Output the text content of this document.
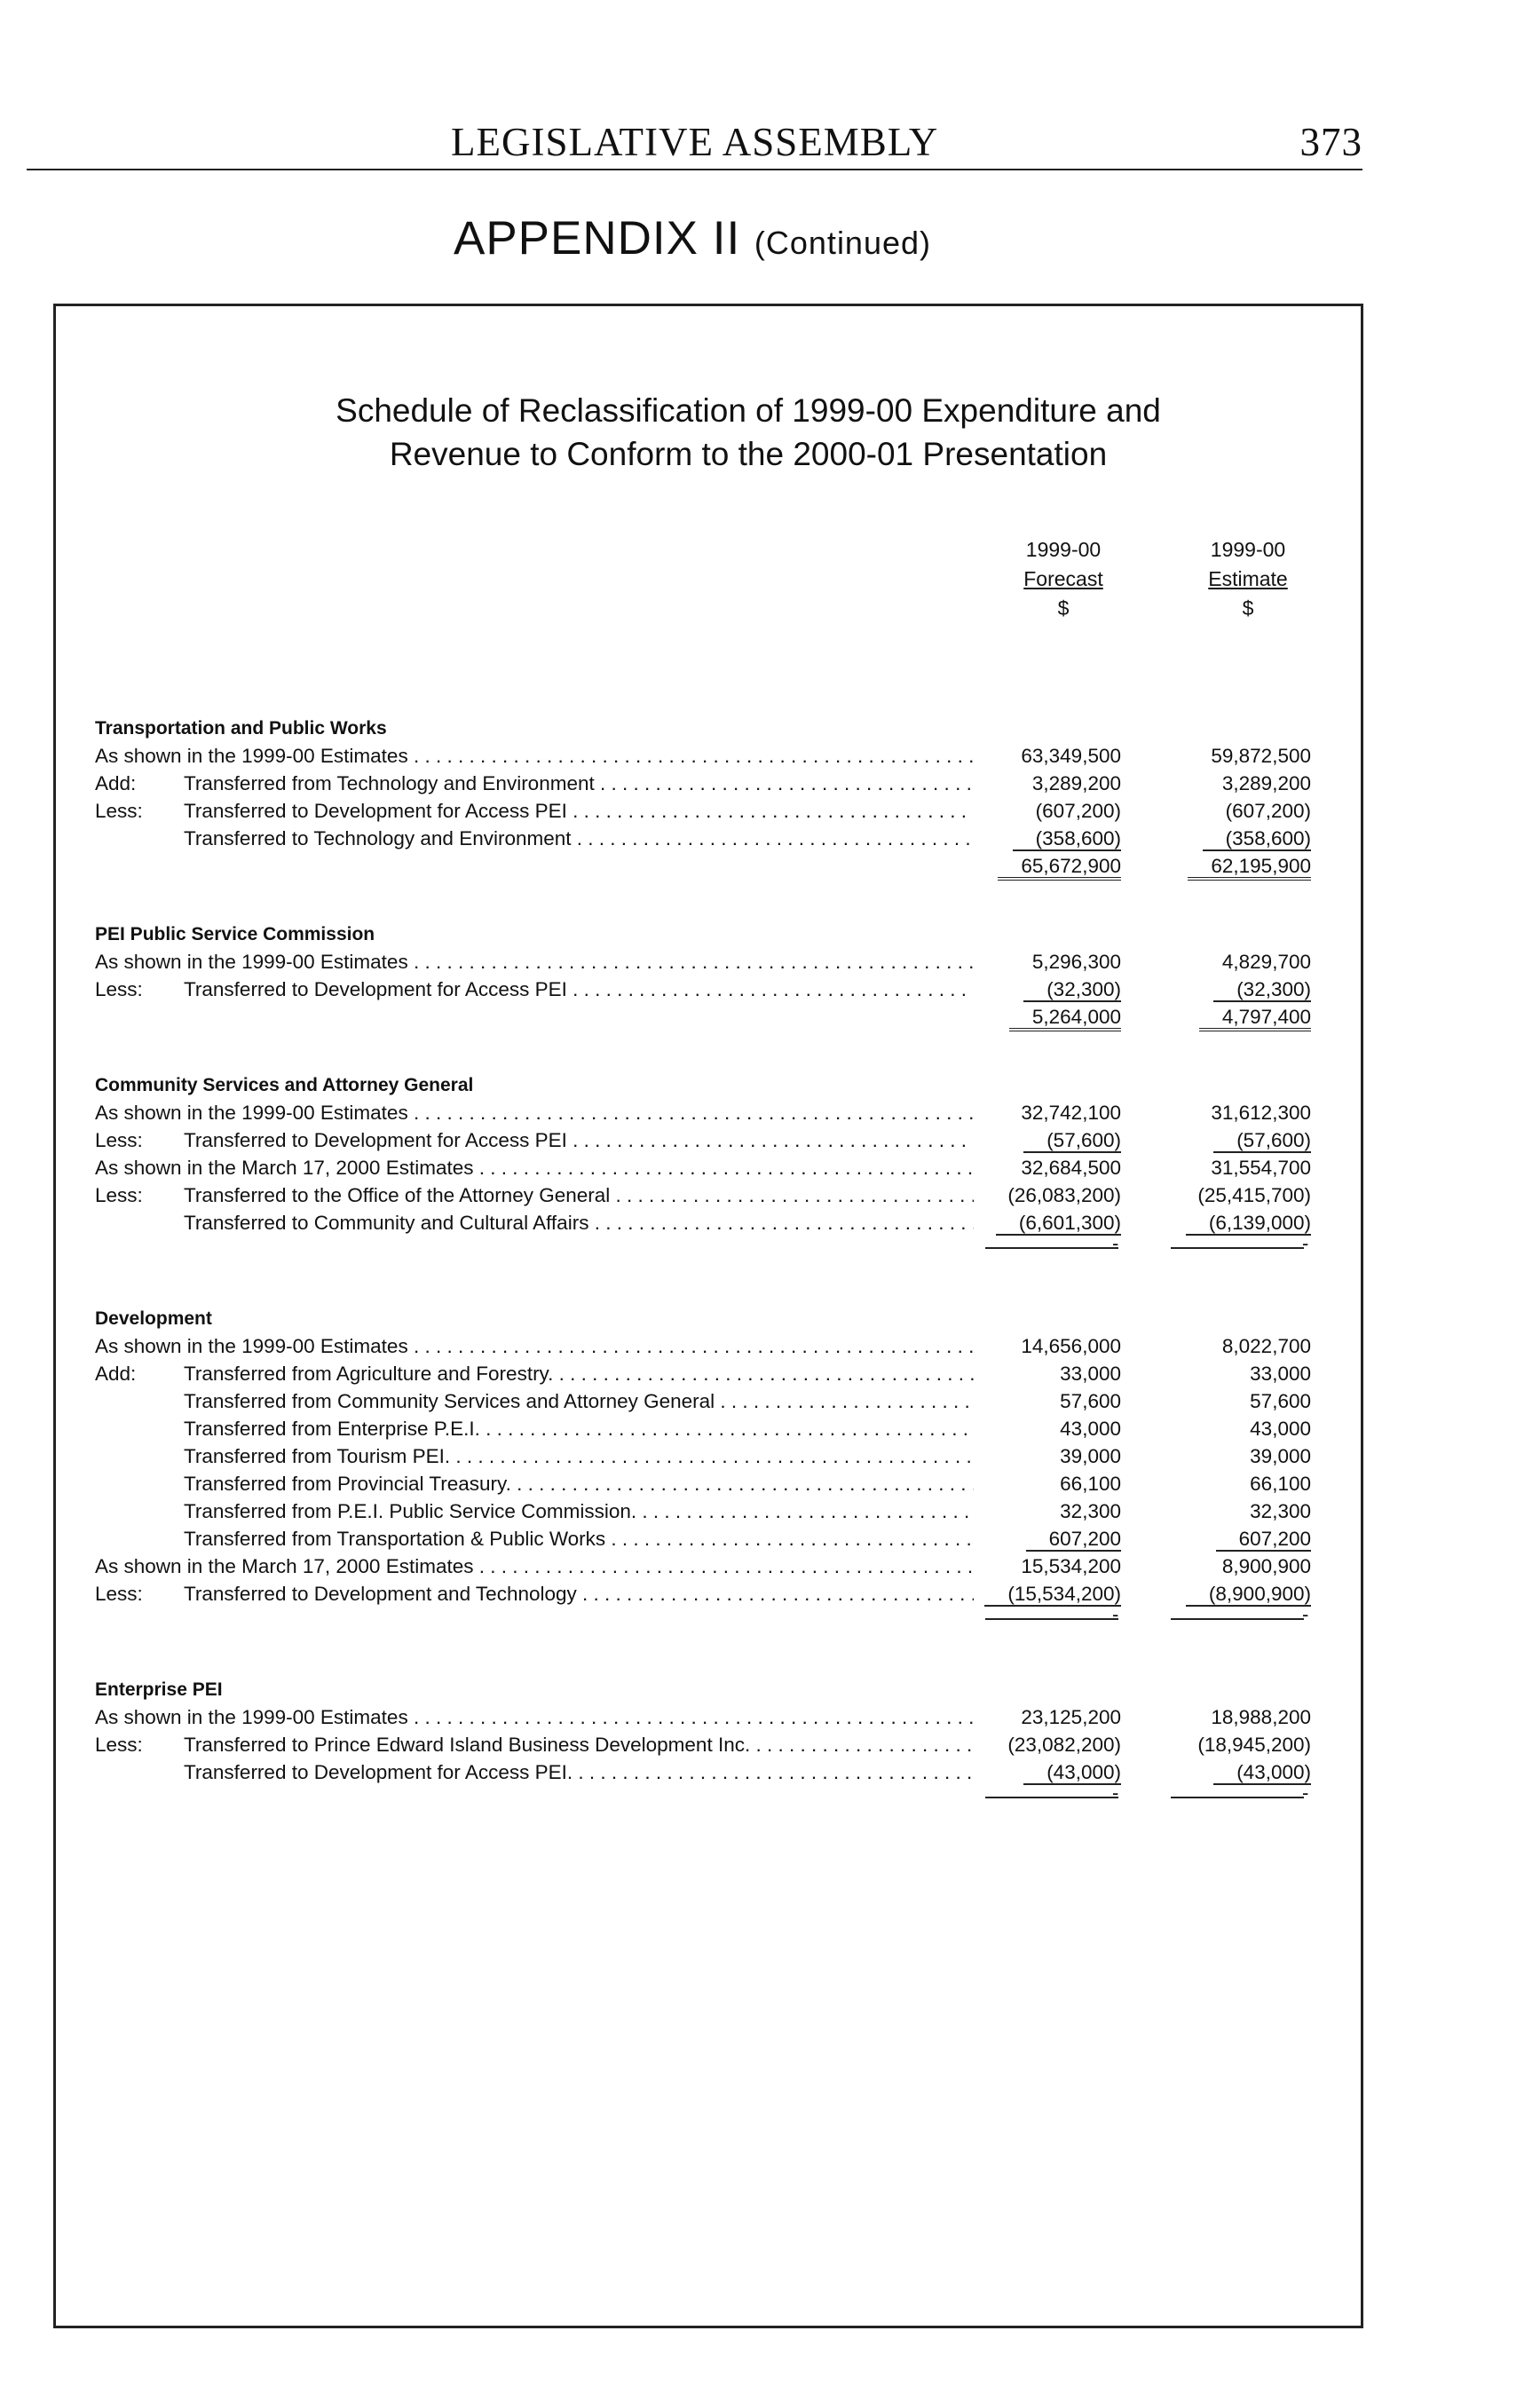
LEGISLATIVE ASSEMBLY	373
APPENDIX II (Continued)
Schedule of Reclassification of 1999-00 Expenditure and
Revenue to Conform to the 2000-01 Presentation
1999-00
Forecast
$
1999-00
Estimate
$
Transportation and Public Works
As shown in the 1999-00 Estimates . . .	63,349,500	59,872,500
Add: Transferred from Technology and Environment . . .	3,289,200	3,289,200
Less: Transferred to Development for Access PEI . . .	(607,200)	(607,200)
Transferred to Technology and Environment . . .	(358,600)	(358,600)
65,672,900	62,195,900
PEI Public Service Commission
As shown in the 1999-00 Estimates . . .	5,296,300	4,829,700
Less: Transferred to Development for Access PEI . . .	(32,300)	(32,300)
5,264,000	4,797,400
Community Services and Attorney General
As shown in the 1999-00 Estimates . . .	32,742,100	31,612,300
Less: Transferred to Development for Access PEI . . .	(57,600)	(57,600)
As shown in the March 17, 2000 Estimates . . .	32,684,500	31,554,700
Less: Transferred to the Office of the Attorney General . . .	(26,083,200)	(25,415,700)
Transferred to Community and Cultural Affairs . . .	(6,601,300)	(6,139,000)
-	-
Development
As shown in the 1999-00 Estimates . . .	14,656,000	8,022,700
Add: Transferred from Agriculture and Forestry. . . .	33,000	33,000
Transferred from Community Services and Attorney General . . .	57,600	57,600
Transferred from Enterprise P.E.I. . . .	43,000	43,000
Transferred from Tourism PEI. . . .	39,000	39,000
Transferred from Provincial Treasury. . . .	66,100	66,100
Transferred from P.E.I. Public Service Commission. . . .	32,300	32,300
Transferred from Transportation & Public Works . . .	607,200	607,200
As shown in the March 17, 2000 Estimates . . .	15,534,200	8,900,900
Less: Transferred to Development and Technology . . .	(15,534,200)	(8,900,900)
-	-
Enterprise PEI
As shown in the 1999-00 Estimates . . .	23,125,200	18,988,200
Less: Transferred to Prince Edward Island Business Development Inc. . . .	(23,082,200)	(18,945,200)
Transferred to Development for Access PEI. . . .	(43,000)	(43,000)
-	-
